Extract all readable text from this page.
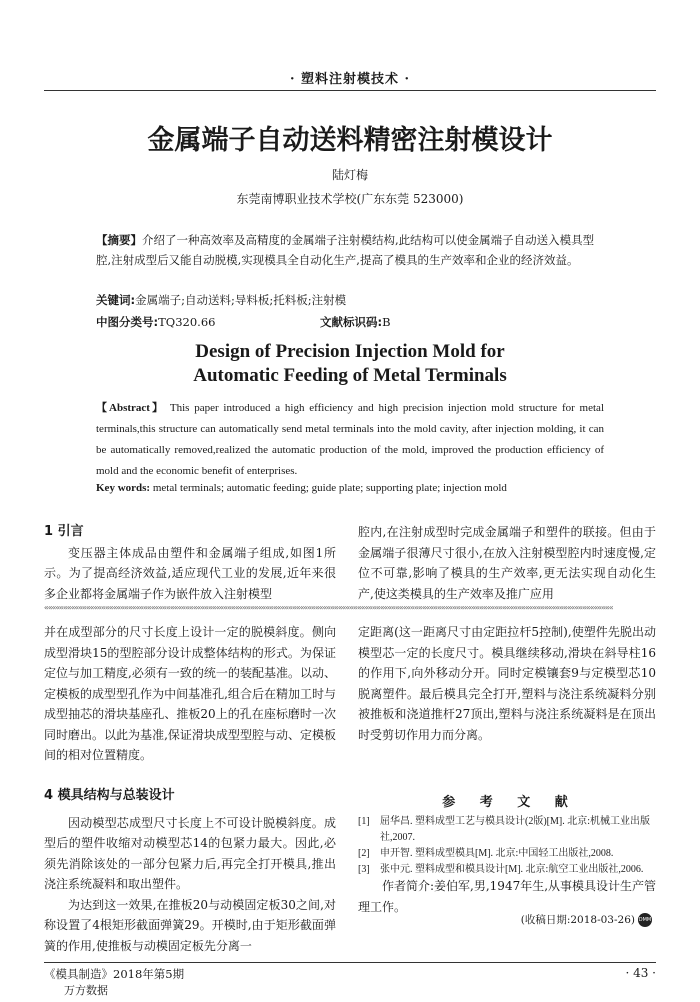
· 塑料注射模技术 ·
金属端子自动送料精密注射模设计
陆灯梅
东莞南博职业技术学校(广东东莞 523000)
【摘要】介绍了一种高效率及高精度的金属端子注射模结构,此结构可以使金属端子自动送入模具型腔,注射成型后又能自动脱模,实现模具全自动化生产,提高了模具的生产效率和企业的经济效益。
关键词:金属端子;自动送料;导料板;托料板;注射模
中图分类号:TQ320.66	文献标识码:B
Design of Precision Injection Mold for
Automatic Feeding of Metal Terminals
【Abstract】 This paper introduced a high efficiency and high precision injection mold structure for metal terminals,this structure can automatically send metal terminals into the mold cavity, after injection molding, it can be automatically removed,realized the automatic production of the mold, improved the production efficiency of mold and the economic benefit of enterprises.
Key words: metal terminals; automatic feeding; guide plate; supporting plate; injection mold
1 引言

变压器主体成品由塑件和金属端子组成,如图1所示。为了提高经济效益,适应现代工业的发展,近年来很多企业都将金属端子作为嵌件放入注射模型

腔内,在注射成型时完成金属端子和塑件的联接。但由于金属端子很薄尺寸很小,在放入注射模型腔内时速度慢,定位不可靠,影响了模具的生产效率,更无法实现自动化生产,使这类模具的生产效率及推广应用

«««««««««««««««««««««««««««««««««««««««««««««««««««««««««««««««««««««««««««««««««««««««««««««««««««««««««««««««««««««««««««««««««««««««««««««««««««««

并在成型部分的尺寸长度上设计一定的脱模斜度。侧向成型滑块15的型腔部分设计成整体结构的形式。为保证定位与加工精度,必须有一致的统一的装配基准。以动、定模板的成型型孔作为中间基准孔,组合后在精加工时与成型抽芯的滑块基座孔、推板20上的孔在座标磨时一次同时磨出。以此为基准,保证滑块成型型腔与动、定模板间的相对位置精度。

定距离(这一距离尺寸由定距拉杆5控制),使塑件先脱出动模型芯一定的长度尺寸。模具继续移动,滑块在斜导柱16的作用下,向外移动分开。同时定模镶套9与定模型芯10脱离塑件。最后模具完全打开,塑料与浇注系统凝料分别被推板和浇道推杆27顶出,塑料与浇注系统凝料是在顶出时受剪切作用力而分离。

4 模具结构与总装设计

因动模型芯成型尺寸长度上不可设计脱模斜度。成型后的塑件收缩对动模型芯14的包紧力最大。因此,必须先消除该处的一部分包紧力后,再完全打开模具,推出浇注系统凝料和取出塑件。

为达到这一效果,在推板20与动模固定板30之间,对称设置了4根矩形截面弹簧29。开模时,由于矩形截面弹簧的作用,使推板与动模固定板先分离一

参 考 文 献
[1] 屈华昌. 塑料成型工艺与模具设计(2版)[M]. 北京:机械工业出版社,2007.
[2] 申开智. 塑料成型模具[M]. 北京:中国轻工出版社,2008.
[3] 张中元. 塑料成型和模具设计[M]. 北京:航空工业出版社,2006.
作者简介:姜伯军,男,1947年生,从事模具设计生产管理工作。
(收稿日期:2018-03-26) DMM
《模具制造》2018年第5期
万方数据
· 43 ·
